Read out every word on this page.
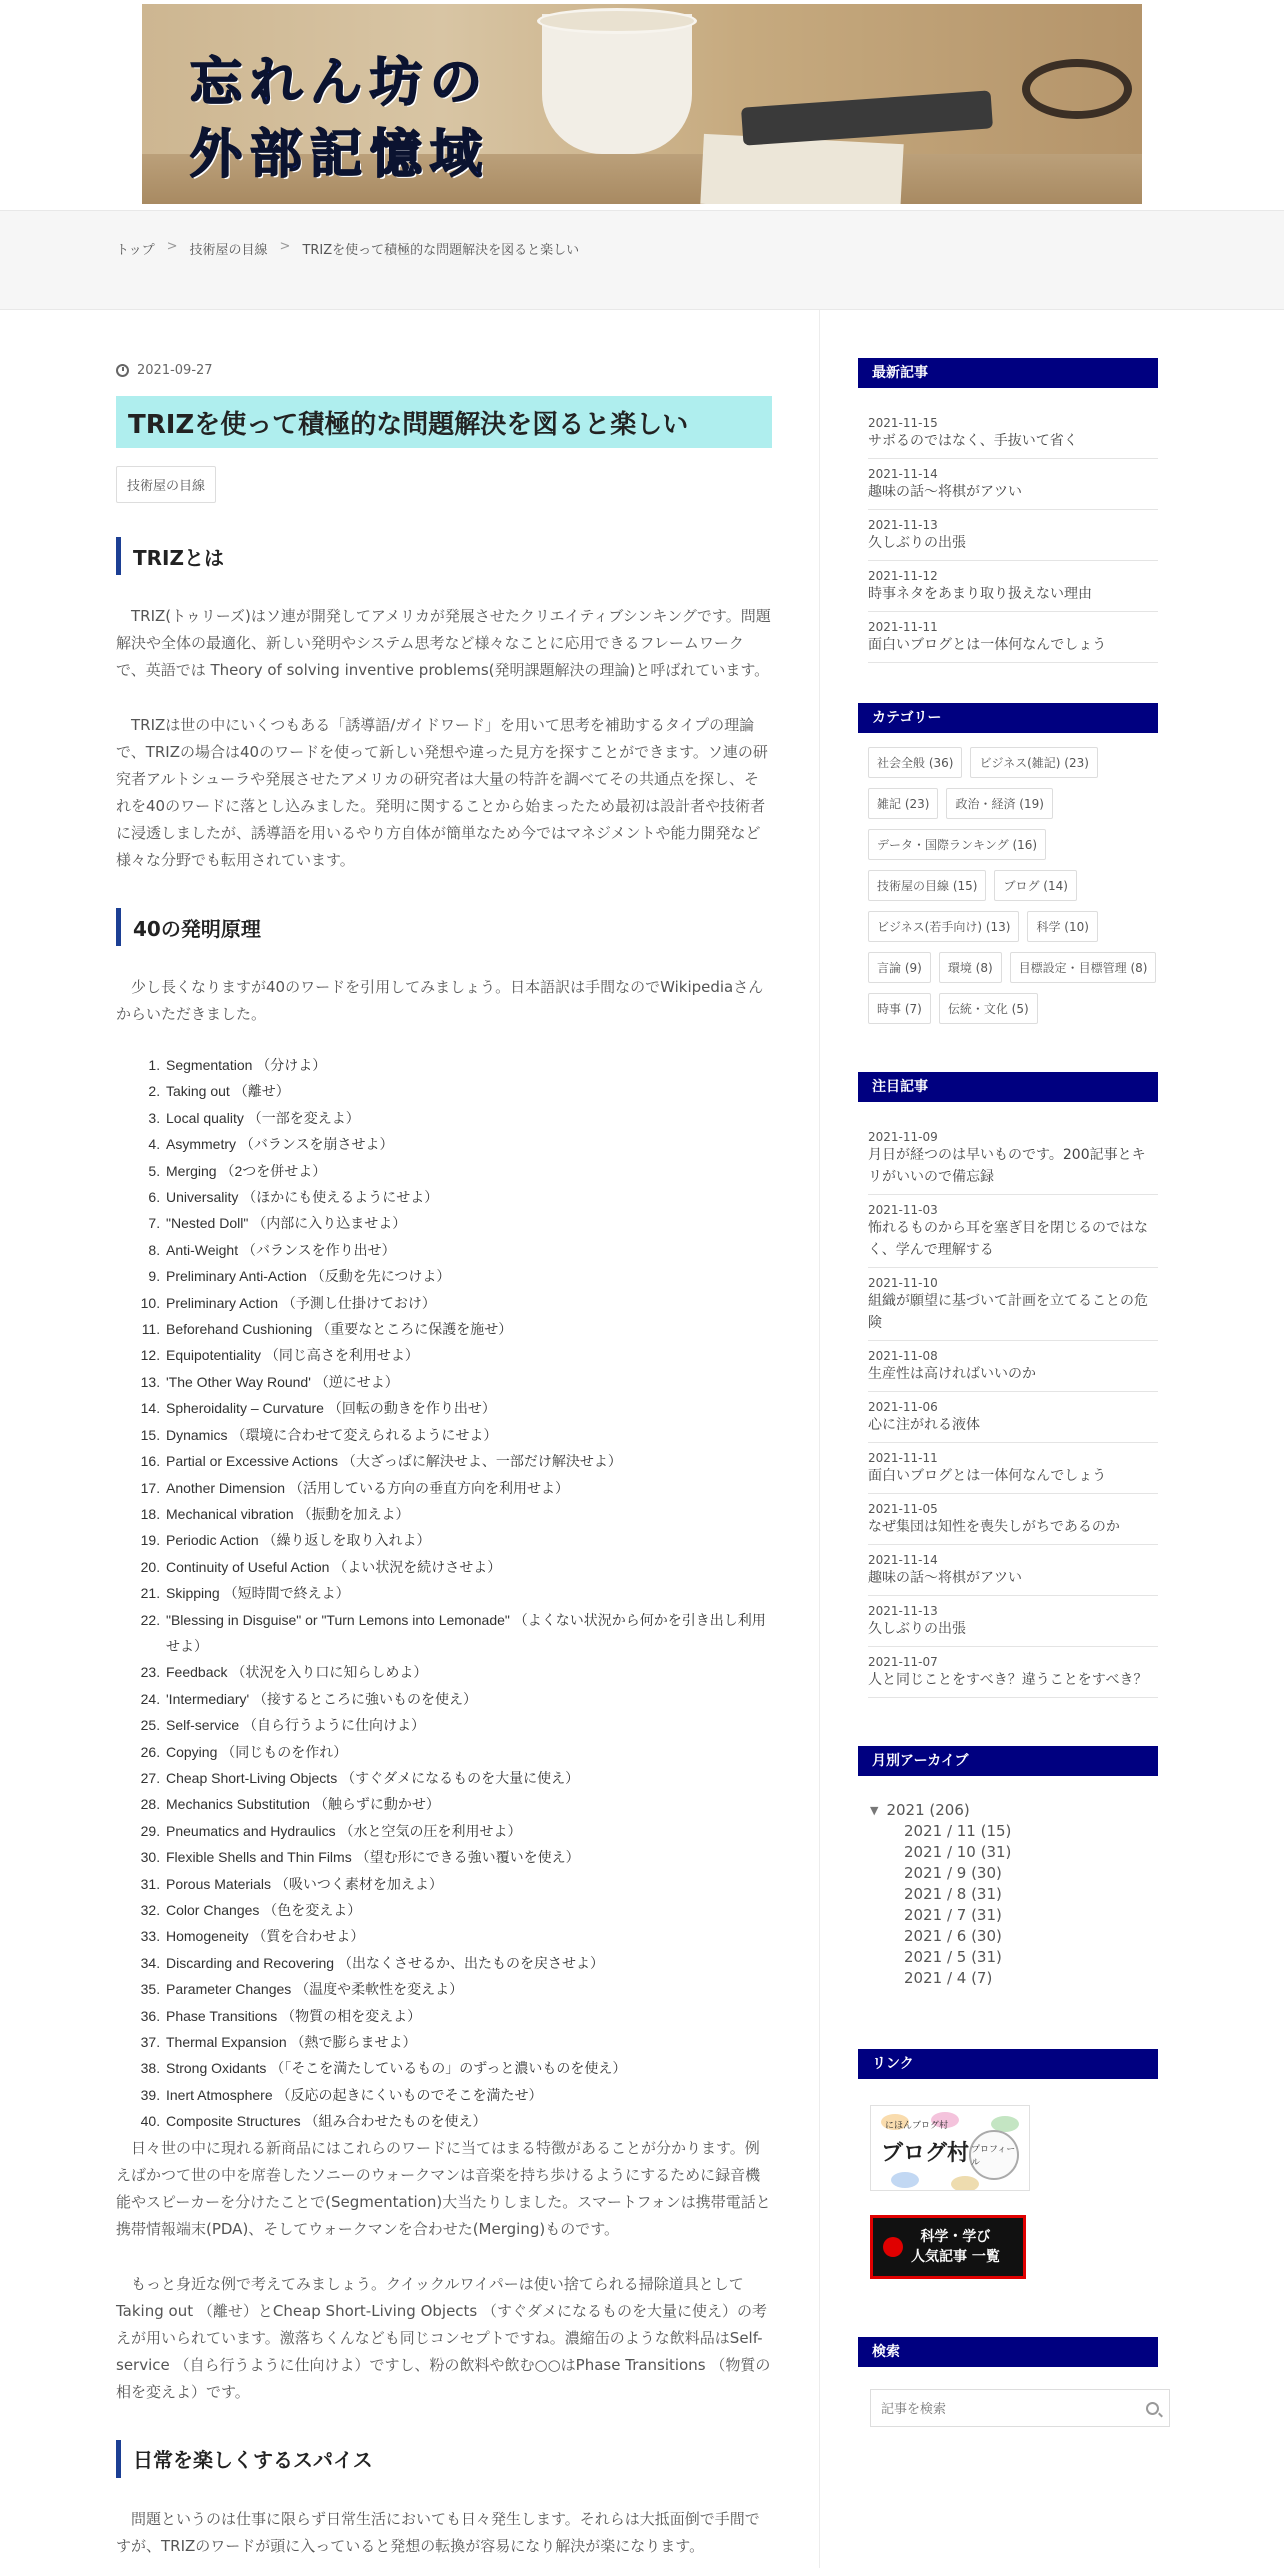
忘れん坊の
外部記憶域
トップ > 技術屋の目線 > TRIZを使って積極的な問題解決を図ると楽しい
2021-09-27
TRIZを使って積極的な問題解決を図ると楽しい
技術屋の目線
TRIZとは

TRIZ(トゥリーズ)はソ連が開発してアメリカが発展させたクリエイティブシンキングです。問題解決や全体の最適化、新しい発明やシステム思考など様々なことに応用できるフレームワークで、英語では Theory of solving inventive problems(発明課題解決の理論)と呼ばれています。

TRIZは世の中にいくつもある「誘導語/ガイドワード」を用いて思考を補助するタイプの理論で、TRIZの場合は40のワードを使って新しい発想や違った見方を探すことができます。ソ連の研究者アルトシューラや発展させたアメリカの研究者は大量の特許を調べてその共通点を探し、それを40のワードに落とし込みました。発明に関することから始まったため最初は設計者や技術者に浸透しましたが、誘導語を用いるやり方自体が簡単なため今ではマネジメントや能力開発など様々な分野でも転用されています。

40の発明原理

少し長くなりますが40のワードを引用してみましょう。日本語訳は手間なのでWikipediaさんからいただきました。

1. Segmentation （分けよ）
2. Taking out （離せ）
3. Local quality （一部を変えよ）
4. Asymmetry （バランスを崩させよ）
5. Merging （2つを併せよ）
6. Universality （ほかにも使えるようにせよ）
7. "Nested Doll" （内部に入り込ませよ）
8. Anti-Weight （バランスを作り出せ）
9. Preliminary Anti-Action （反動を先につけよ）
10. Preliminary Action （予測し仕掛けておけ）
11. Beforehand Cushioning （重要なところに保護を施せ）
12. Equipotentiality （同じ高さを利用せよ）
13. 'The Other Way Round' （逆にせよ）
14. Spheroidality – Curvature （回転の動きを作り出せ）
15. Dynamics （環境に合わせて変えられるようにせよ）
16. Partial or Excessive Actions （大ざっぱに解決せよ、一部だけ解決せよ）
17. Another Dimension （活用している方向の垂直方向を利用せよ）
18. Mechanical vibration （振動を加えよ）
19. Periodic Action （繰り返しを取り入れよ）
20. Continuity of Useful Action （よい状況を続けさせよ）
21. Skipping （短時間で終えよ）
22. "Blessing in Disguise" or "Turn Lemons into Lemonade" （よくない状況から何かを引き出し利用せよ）
23. Feedback （状況を入り口に知らしめよ）
24. 'Intermediary' （接するところに強いものを使え）
25. Self-service （自ら行うように仕向けよ）
26. Copying （同じものを作れ）
27. Cheap Short-Living Objects （すぐダメになるものを大量に使え）
28. Mechanics Substitution （触らずに動かせ）
29. Pneumatics and Hydraulics （水と空気の圧を利用せよ）
30. Flexible Shells and Thin Films （望む形にできる強い覆いを使え）
31. Porous Materials （吸いつく素材を加えよ）
32. Color Changes （色を変えよ）
33. Homogeneity （質を合わせよ）
34. Discarding and Recovering （出なくさせるか、出たものを戻させよ）
35. Parameter Changes （温度や柔軟性を変えよ）
36. Phase Transitions （物質の相を変えよ）
37. Thermal Expansion （熱で膨らませよ）
38. Strong Oxidants （「そこを満たしているもの」のずっと濃いものを使え）
39. Inert Atmosphere （反応の起きにくいものでそこを満たせ）
40. Composite Structures （組み合わせたものを使え）

日々世の中に現れる新商品にはこれらのワードに当てはまる特徴があることが分かります。例えばかつて世の中を席巻したソニーのウォークマンは音楽を持ち歩けるようにするために録音機能やスピーカーを分けたことで(Segmentation)大当たりしました。スマートフォンは携帯電話と携帯情報端末(PDA)、そしてウォークマンを合わせた(Merging)ものです。

もっと身近な例で考えてみましょう。クイックルワイパーは使い捨てられる掃除道具としてTaking out （離せ）とCheap Short-Living Objects （すぐダメになるものを大量に使え）の考えが用いられています。激落ちくんなども同じコンセプトですね。濃縮缶のような飲料品はSelf-service （自ら行うように仕向けよ）ですし、粉の飲料や飲む○○はPhase Transitions （物質の相を変えよ）です。

日常を楽しくするスパイス

問題というのは仕事に限らず日常生活においても日々発生します。それらは大抵面倒で手間ですが、TRIZのワードが頭に入っていると発想の転換が容易になり解決が楽になります。

最新記事
2021-11-15
サボるのではなく、手抜いて省く
2021-11-14
趣味の話～将棋がアツい
2021-11-13
久しぶりの出張
2021-11-12
時事ネタをあまり取り扱えない理由
2021-11-11
面白いブログとは一体何なんでしょう
カテゴリー
社会全般 (36)	ビジネス(雑記) (23)
雑記 (23)	政治・経済 (19)
データ・国際ランキング (16)
技術屋の目線 (15)	ブログ (14)
ビジネス(若手向け) (13)	科学 (10)
言論 (9)	環境 (8)	目標設定・目標管理 (8)
時事 (7)	伝統・文化 (5)
注目記事
2021-11-09
月日が経つのは早いものです。200記事とキリがいいので備忘録
2021-11-03
怖れるものから耳を塞ぎ目を閉じるのではなく、学んで理解する
2021-11-10
組織が願望に基づいて計画を立てることの危険
2021-11-08
生産性は高ければいいのか
2021-11-06
心に注がれる液体
2021-11-11
面白いブログとは一体何なんでしょう
2021-11-05
なぜ集団は知性を喪失しがちであるのか
2021-11-14
趣味の話～将棋がアツい
2021-11-13
久しぶりの出張
2021-11-07
人と同じことをすべき？違うことをすべき？
月別アーカイブ
▼ 2021 (206)
2021 / 11 (15)
2021 / 10 (31)
2021 / 9 (30)
2021 / 8 (31)
2021 / 7 (31)
2021 / 6 (30)
2021 / 5 (31)
2021 / 4 (7)
リンク
にほんブログ村
ブログ村 プロフィール
科学・学び
人気記事 一覧
検索
記事を検索
